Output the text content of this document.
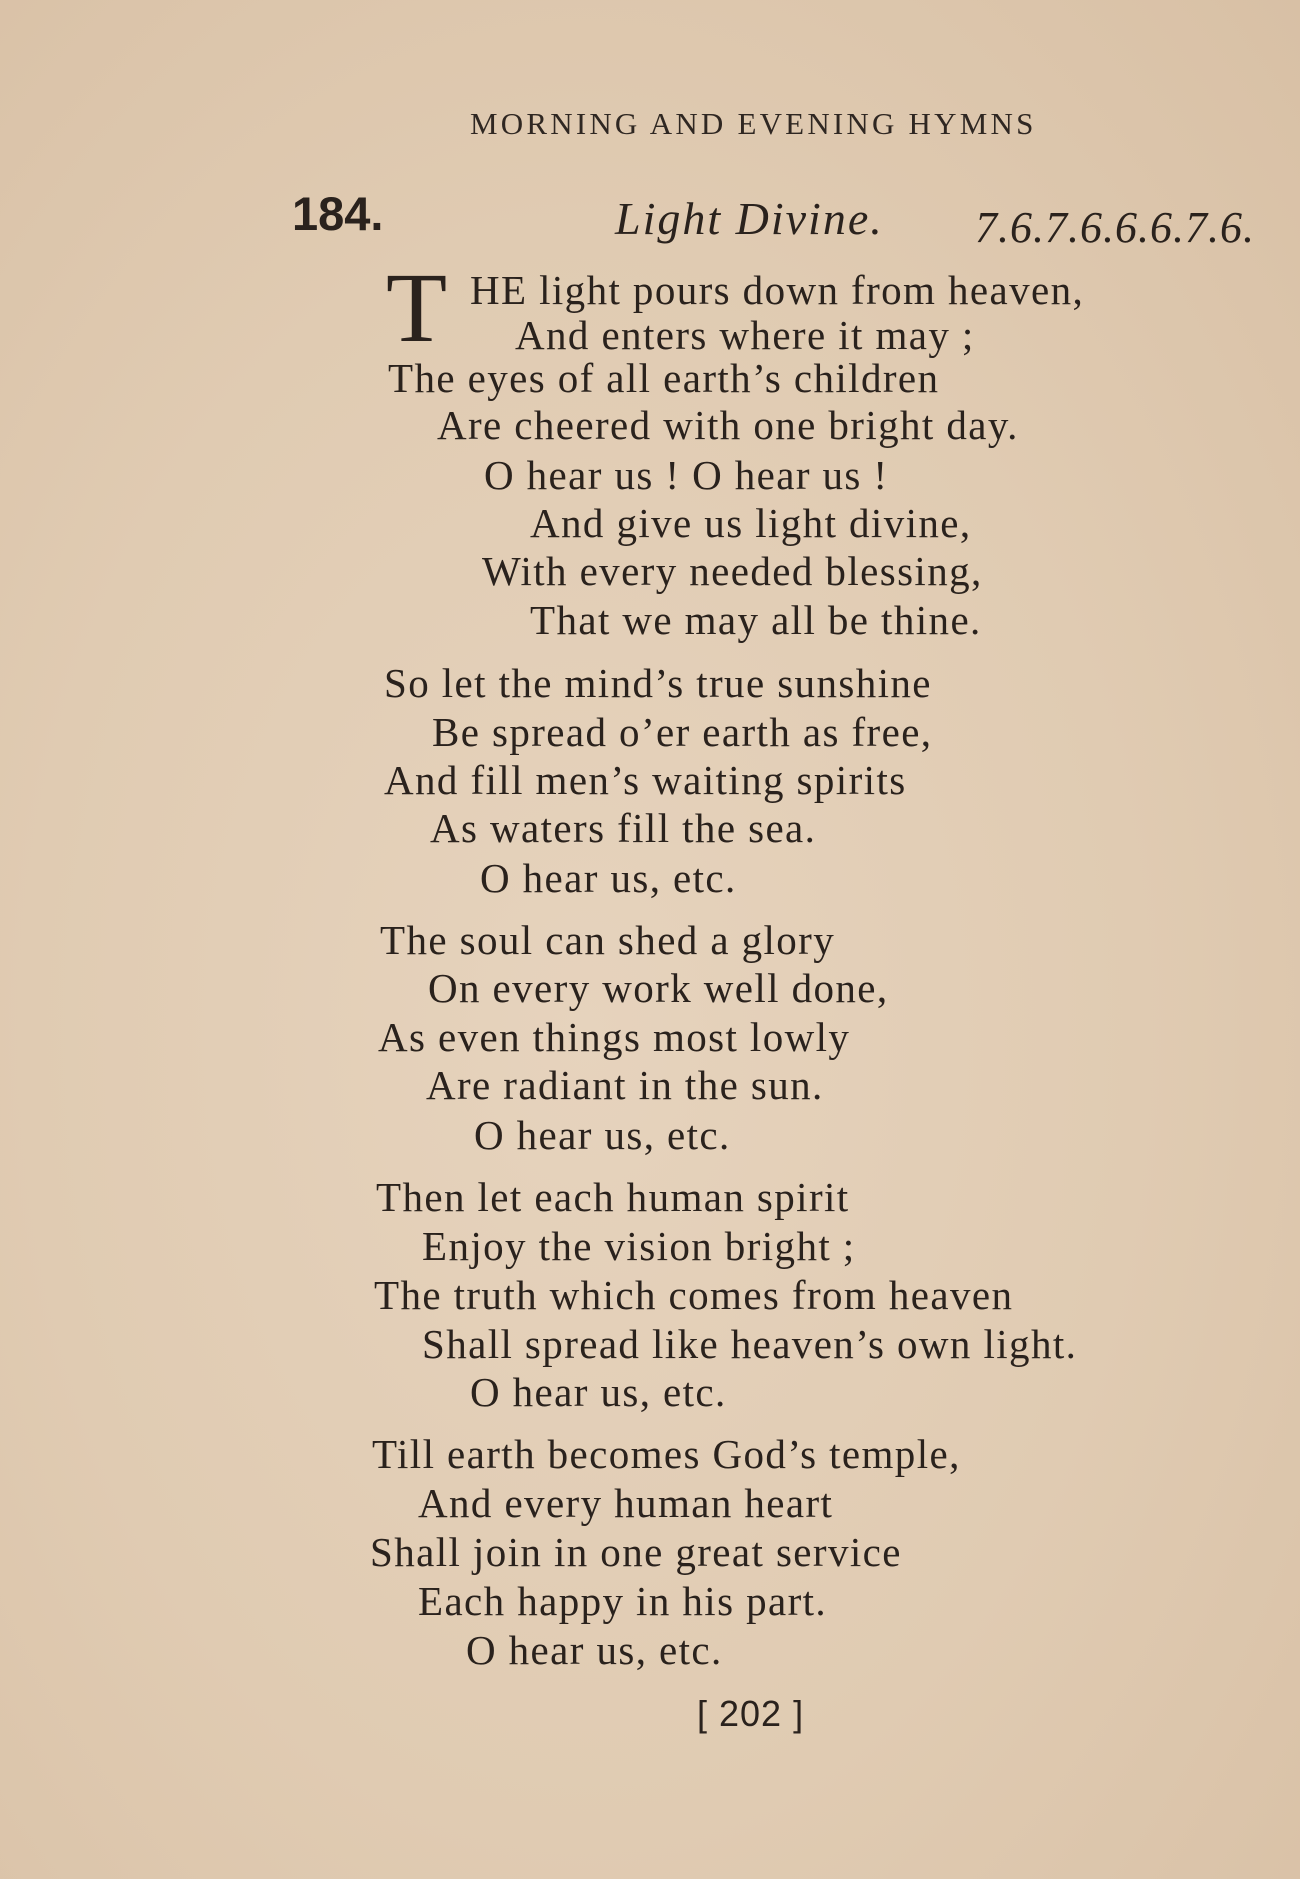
MORNING AND EVENING HYMNS
184.	Light Divine. 7.6.7.6.6.6.7.6.
T HE light pours down from heaven,
And enters where it may ;
The eyes of all earth’s children
Are cheered with one bright day.
O hear us ! O hear us !
And give us light divine,
With every needed blessing,
That we may all be thine.
So let the mind’s true sunshine
Be spread o’er earth as free,
And fill men’s waiting spirits
As waters fill the sea.
O hear us, etc.
The soul can shed a glory
On every work well done,
As even things most lowly
Are radiant in the sun.
O hear us, etc.
Then let each human spirit
Enjoy the vision bright ;
The truth which comes from heaven
Shall spread like heaven’s own light.
O hear us, etc.
Till earth becomes God’s temple,
And every human heart
Shall join in one great service
Each happy in his part.
O hear us, etc.
[ 202 ]
